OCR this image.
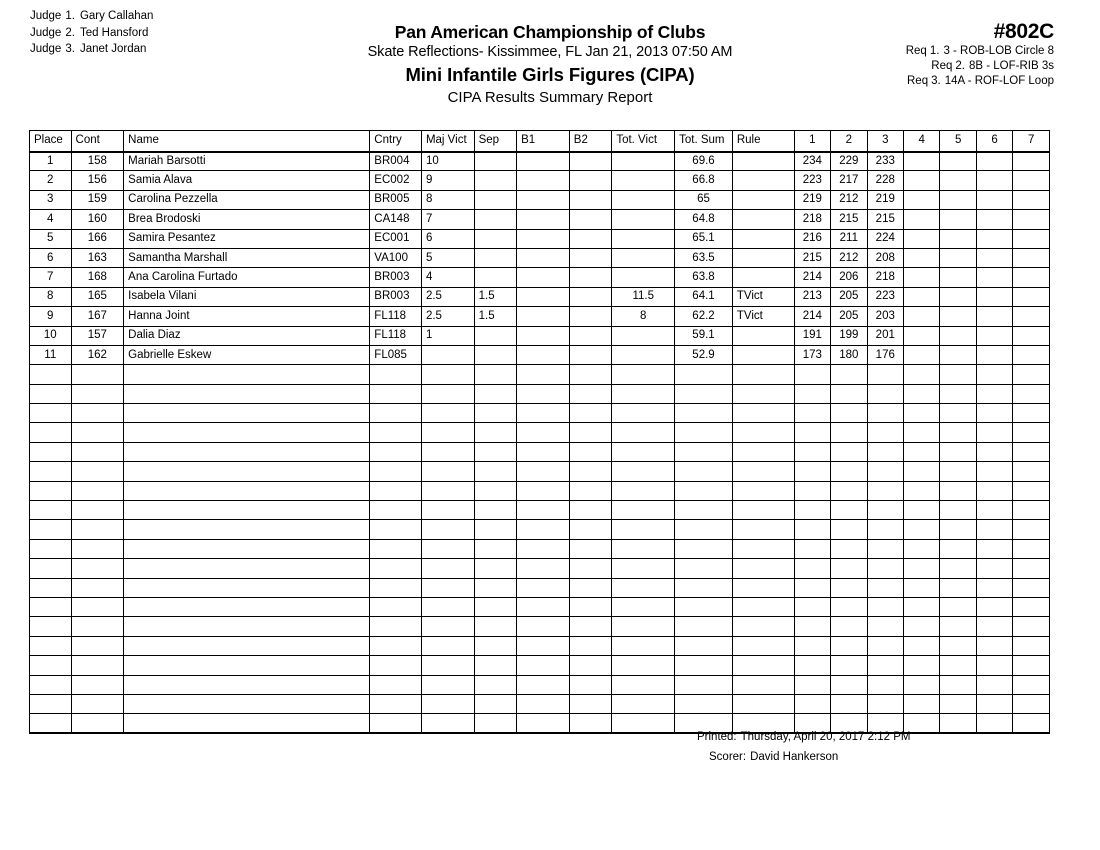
Judge 1. Gary Callahan
Judge 2. Ted Hansford
Judge 3. Janet Jordan
Pan American Championship of Clubs
Skate Reflections- Kissimmee, FL Jan 21, 2013 07:50 AM
Mini Infantile Girls Figures (CIPA)
CIPA Results Summary Report
#802C
Req 1. 3 - ROB-LOB Circle 8
Req 2. 8B - LOF-RIB 3s
Req 3. 14A - ROF-LOF Loop
Place	Cont	Name	Cntry	Maj Vict	Sep	B1	B2	Tot. Vict	Tot. Sum	Rule	1	2	3	4	5	6	7
1	158	Mariah Barsotti	BR004	10					69.6		234	229	233				
2	156	Samia Alava	EC002	9					66.8		223	217	228				
3	159	Carolina Pezzella	BR005	8					65		219	212	219				
4	160	Brea Brodoski	CA148	7					64.8		218	215	215				
5	166	Samira Pesantez	EC001	6					65.1		216	211	224				
6	163	Samantha Marshall	VA100	5					63.5		215	212	208				
7	168	Ana Carolina Furtado	BR003	4					63.8		214	206	218				
8	165	Isabela Vilani	BR003	2.5	1.5			11.5	64.1	TVict	213	205	223				
9	167	Hanna Joint	FL118	2.5	1.5			8	62.2	TVict	214	205	203				
10	157	Dalia Diaz	FL118	1					59.1		191	199	201				
11	162	Gabrielle Eskew	FL085						52.9		173	180	176				

Printed: Thursday, April 20, 2017 2:12 PM
Scorer: David Hankerson
